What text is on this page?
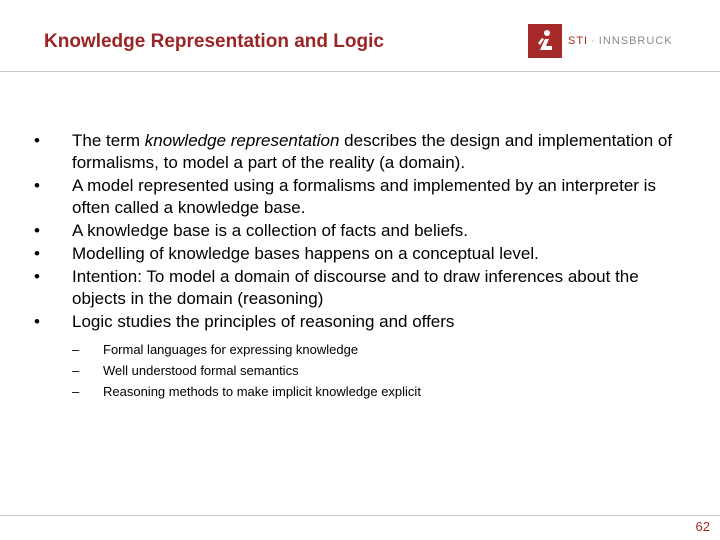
Knowledge Representation and Logic	STI · INNSBRUCK
• The term knowledge representation describes the design and implementation of formalisms, to model a part of the reality (a domain).
• A model represented using a formalisms and implemented by an interpreter is often called a knowledge base.
• A knowledge base is a collection of facts and beliefs.
• Modelling of knowledge bases happens on a conceptual level.
• Intention: To model a domain of discourse and to draw inferences about the objects in the domain (reasoning)
• Logic studies the principles of reasoning and offers
– Formal languages for expressing knowledge
– Well understood formal semantics
– Reasoning methods to make implicit knowledge explicit
62
